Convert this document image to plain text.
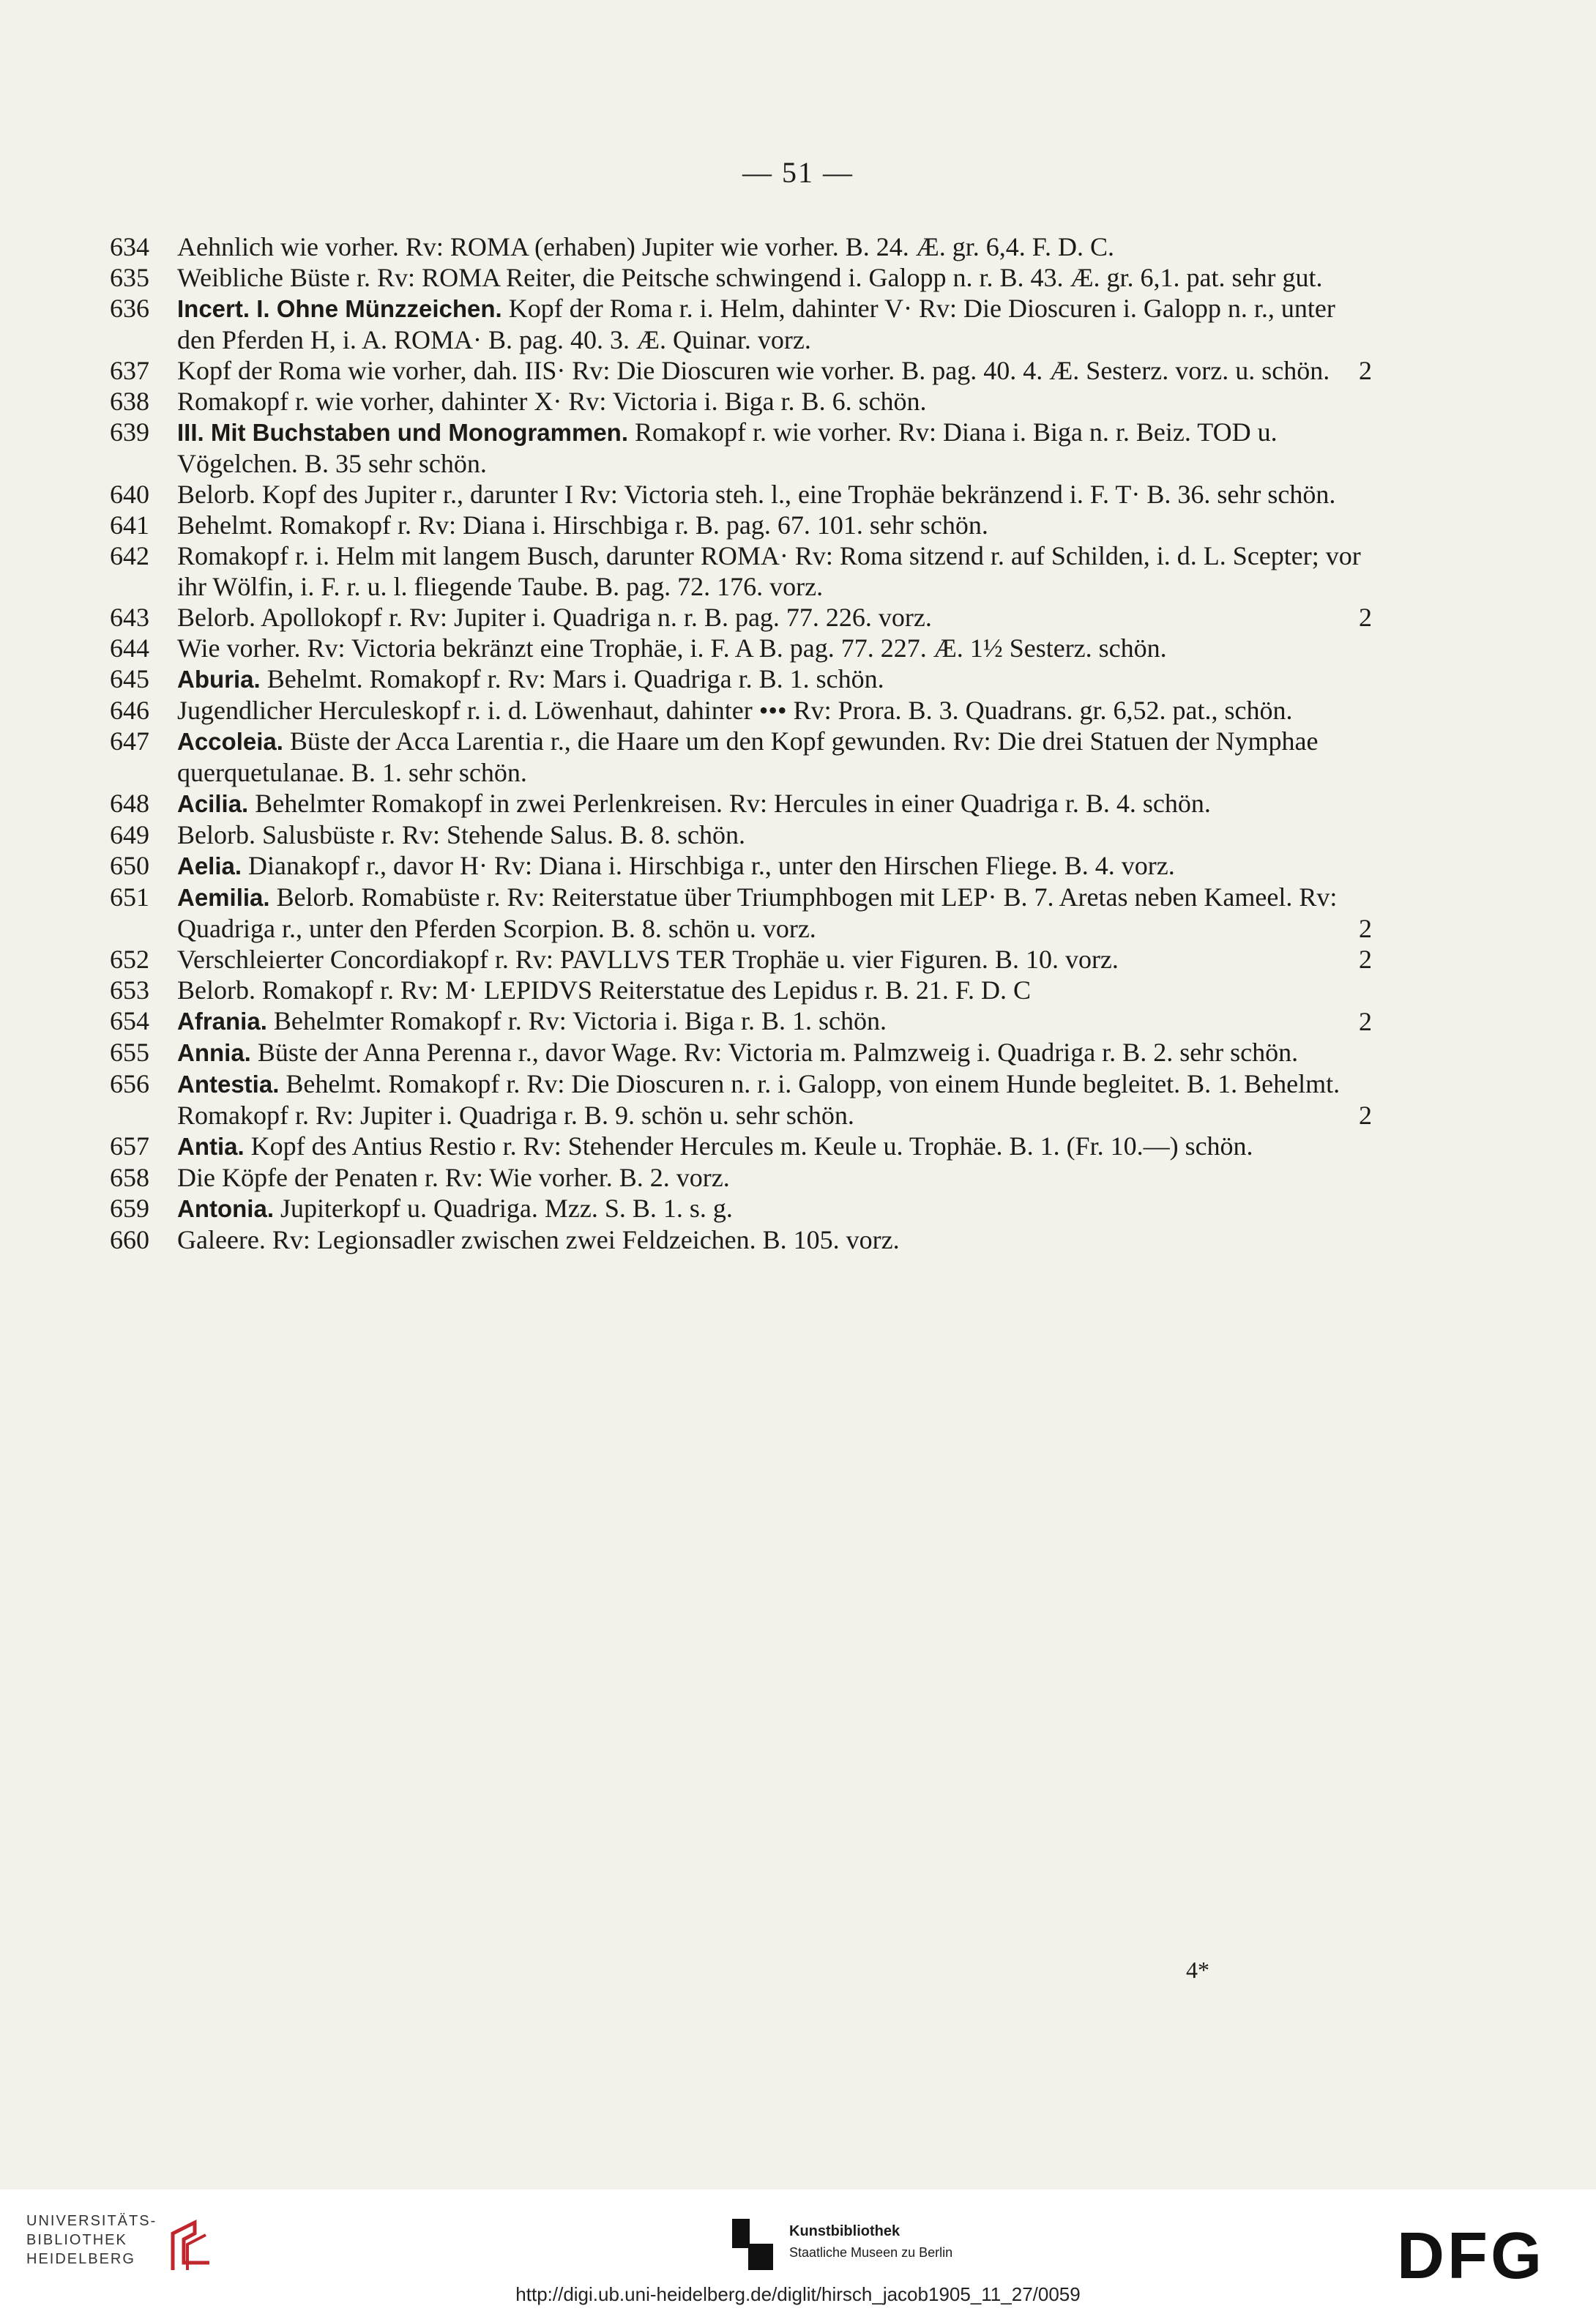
— 51 —
634	Aehnlich wie vorher. Rv: ROMA (erhaben) Jupiter wie vorher. B. 24. Æ. gr. 6,4. F. D. C.
635	Weibliche Büste r. Rv: ROMA Reiter, die Peitsche schwingend i. Galopp n. r. B. 43. Æ. gr. 6,1. pat. sehr gut.
636	Incert. I. Ohne Münzzeichen. Kopf der Roma r. i. Helm, dahinter V· Rv: Die Dioscuren i. Galopp n. r., unter den Pferden H, i. A. ROMA· B. pag. 40. 3. Æ. Quinar. vorz.
637	Kopf der Roma wie vorher, dah. IIS· Rv: Die Dioscuren wie vorher. B. pag. 40. 4. Æ. Sesterz. vorz. u. schön.	2
638	Romakopf r. wie vorher, dahinter X· Rv: Victoria i. Biga r. B. 6. schön.
639	III. Mit Buchstaben und Monogrammen. Romakopf r. wie vorher. Rv: Diana i. Biga n. r. Beiz. TOD u. Vögelchen. B. 35 sehr schön.
640	Belorb. Kopf des Jupiter r., darunter Ι Rv: Victoria steh. l., eine Trophäe bekränzend i. F. T· B. 36. sehr schön.
641	Behelmt. Romakopf r. Rv: Diana i. Hirschbiga r. B. pag. 67. 101. sehr schön.
642	Romakopf r. i. Helm mit langem Busch, darunter ROMA· Rv: Roma sitzend r. auf Schilden, i. d. L. Scepter; vor ihr Wölfin, i. F. r. u. l. fliegende Taube. B. pag. 72. 176. vorz.
643	Belorb. Apollokopf r. Rv: Jupiter i. Quadriga n. r. B. pag. 77. 226. vorz.	2
644	Wie vorher. Rv: Victoria bekränzt eine Trophäe, i. F. A B. pag. 77. 227. Æ. 1½ Sesterz. schön.
645	Aburia. Behelmt. Romakopf r. Rv: Mars i. Quadriga r. B. 1. schön.
646	Jugendlicher Herculeskopf r. i. d. Löwenhaut, dahinter ••• Rv: Prora. B. 3. Quadrans. gr. 6,52. pat., schön.
647	Accoleia. Büste der Acca Larentia r., die Haare um den Kopf gewunden. Rv: Die drei Statuen der Nymphae querquetulanae. B. 1. sehr schön.
648	Acilia. Behelmter Romakopf in zwei Perlenkreisen. Rv: Hercules in einer Quadriga r. B. 4. schön.
649	Belorb. Salusbüste r. Rv: Stehende Salus. B. 8. schön.
650	Aelia. Dianakopf r., davor H· Rv: Diana i. Hirschbiga r., unter den Hirschen Fliege. B. 4. vorz.
651	Aemilia. Belorb. Romabüste r. Rv: Reiterstatue über Triumphbogen mit LEP· B. 7. Aretas neben Kameel. Rv: Quadriga r., unter den Pferden Scorpion. B. 8. schön u. vorz.	2
652	Verschleierter Concordiakopf r. Rv: PAVLLVS TER Trophäe u. vier Figuren. B. 10. vorz.	2
653	Belorb. Romakopf r. Rv: M· LEPIDVS Reiterstatue des Lepidus r. B. 21. F. D. C
654	Afrania. Behelmter Romakopf r. Rv: Victoria i. Biga r. B. 1. schön.	2
655	Annia. Büste der Anna Perenna r., davor Wage. Rv: Victoria m. Palmzweig i. Quadriga r. B. 2. sehr schön.
656	Antestia. Behelmt. Romakopf r. Rv: Die Dioscuren n. r. i. Galopp, von einem Hunde begleitet. B. 1. Behelmt. Romakopf r. Rv: Jupiter i. Quadriga r. B. 9. schön u. sehr schön.	2
657	Antia. Kopf des Antius Restio r. Rv: Stehender Hercules m. Keule u. Trophäe. B. 1. (Fr. 10.—) schön.
658	Die Köpfe der Penaten r. Rv: Wie vorher. B. 2. vorz.
659	Antonia. Jupiterkopf u. Quadriga. Mzz. S. B. 1. s. g.
660	Galeere. Rv: Legionsadler zwischen zwei Feldzeichen. B. 105. vorz.
4*
UNIVERSITÄTS-
BIBLIOTHEK
HEIDELBERG
Kunstbibliothek
Staatliche Museen zu Berlin	DFG
http://digi.ub.uni-heidelberg.de/diglit/hirsch_jacob1905_11_27/0059
